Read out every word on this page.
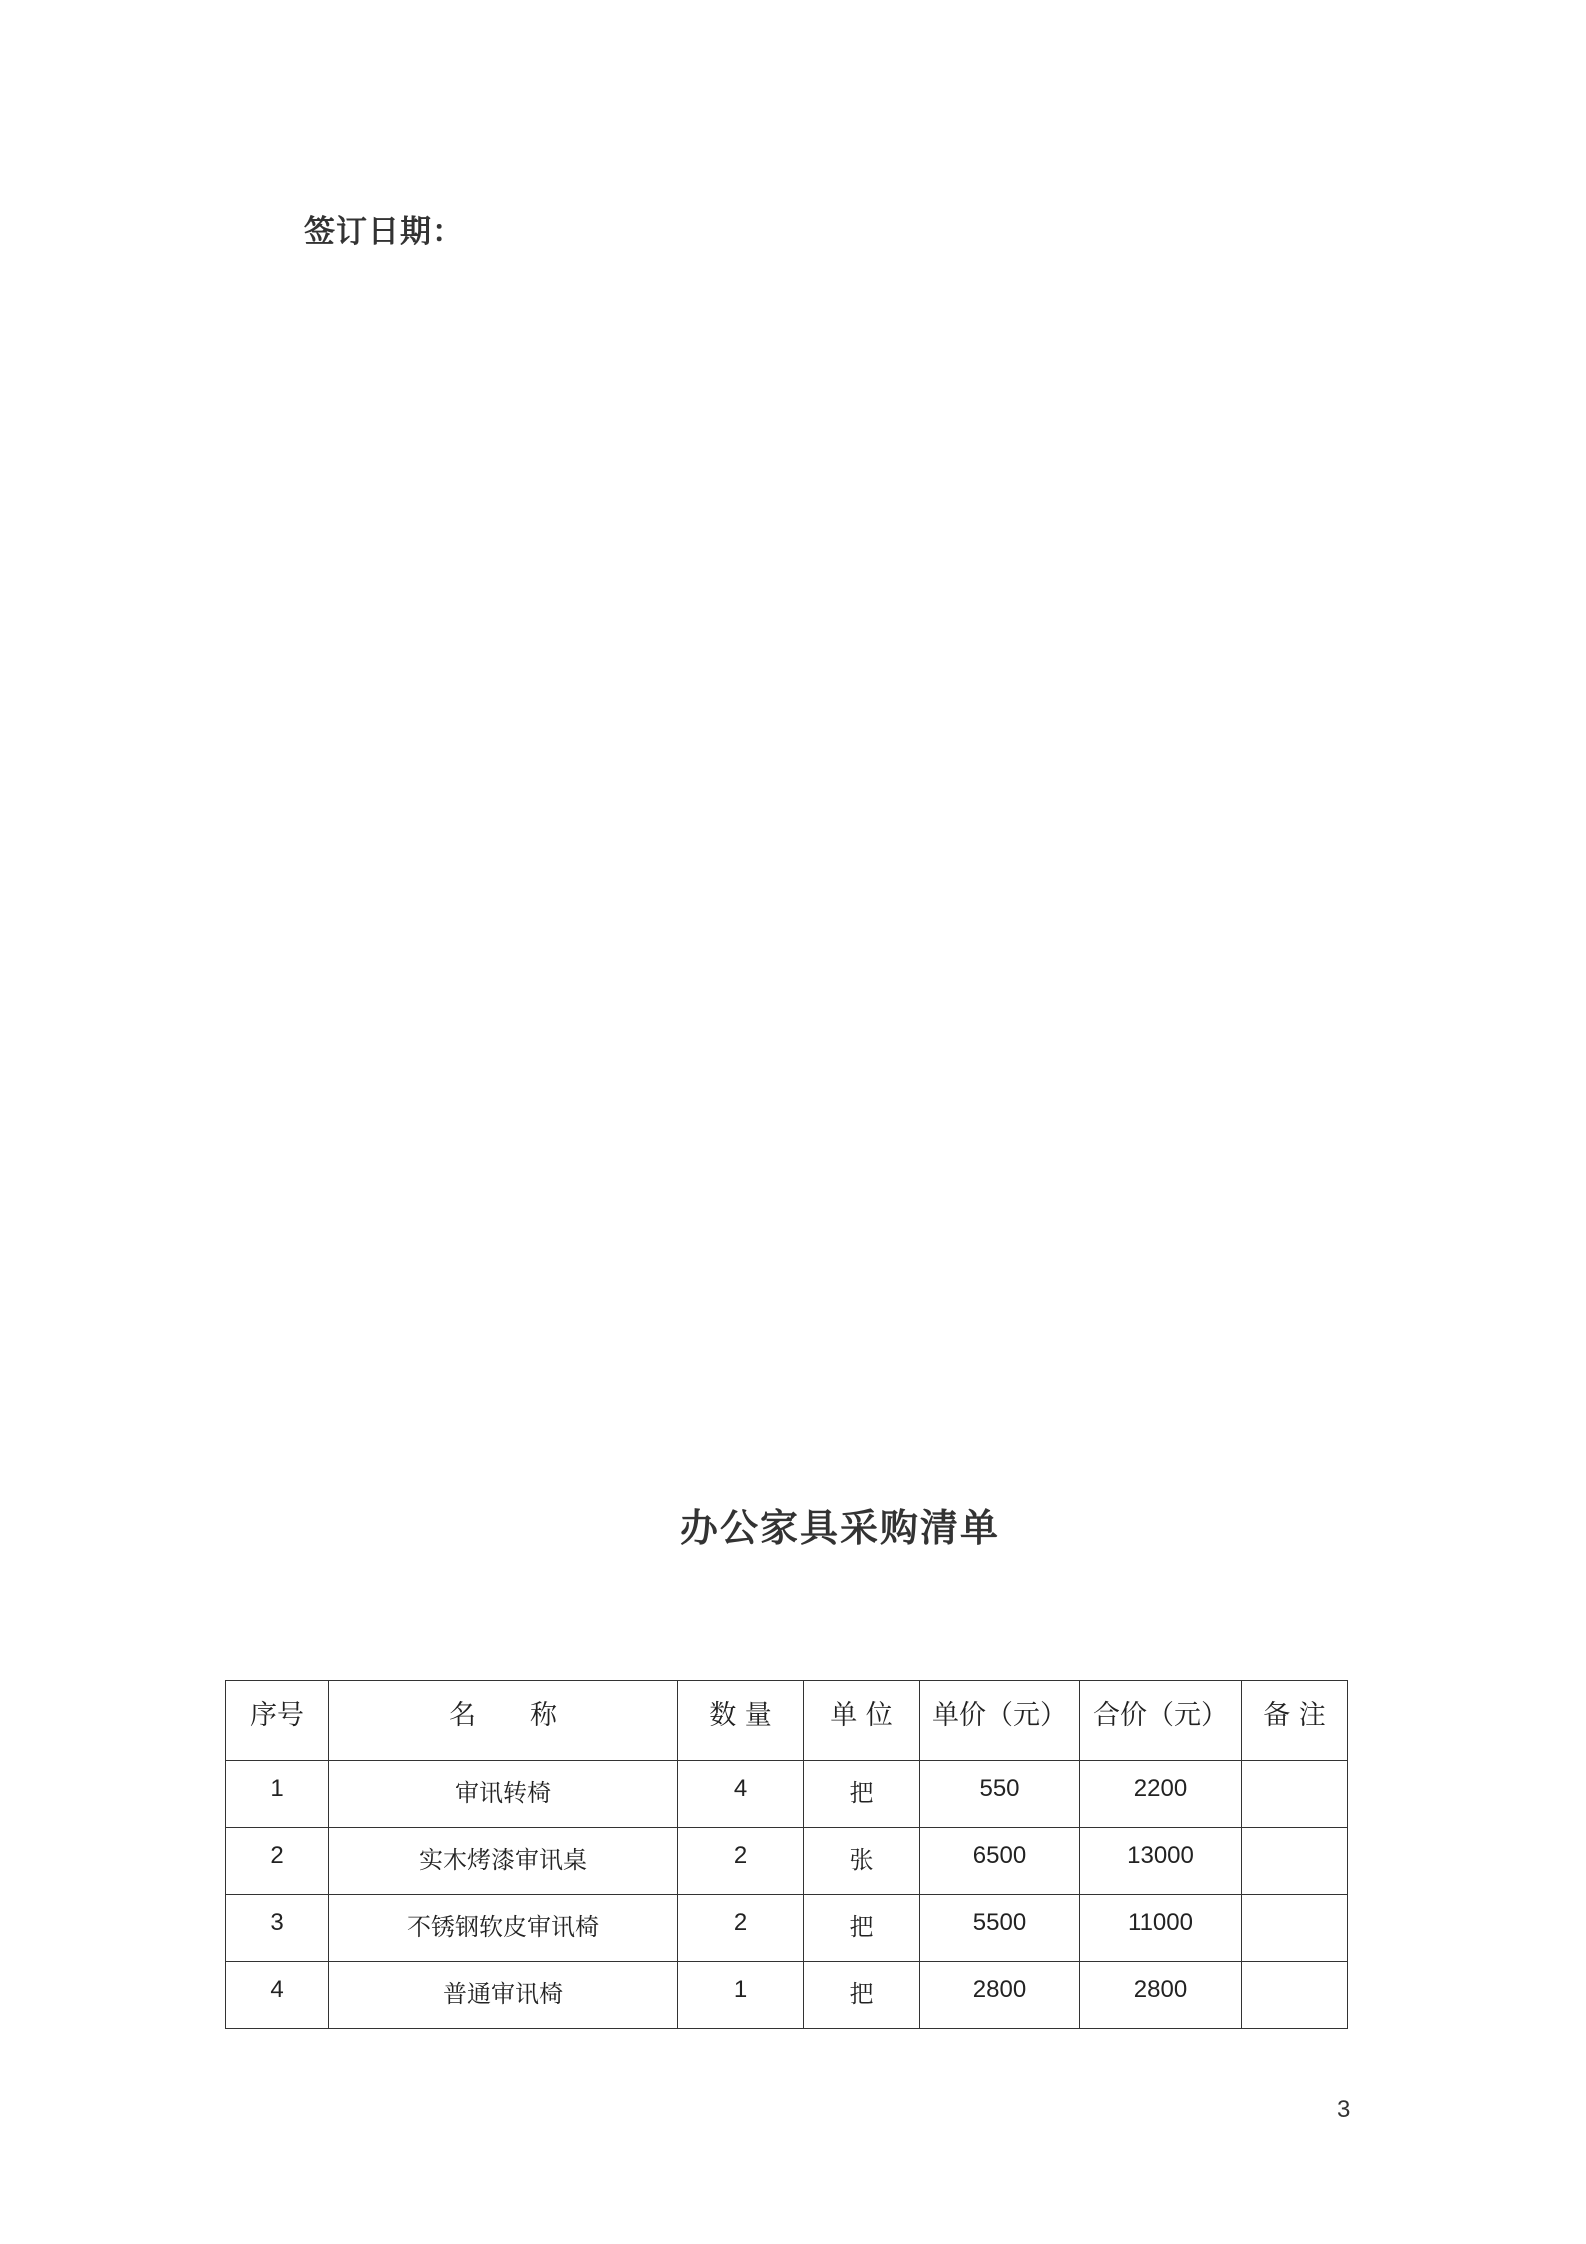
签订日期：
办公家具采购清单
序号	名　　称	数 量	单 位	单价（元）	合价（元）	备 注
1	审讯转椅	4	把	550	2200	
2	实木烤漆审讯桌	2	张	6500	13000	
3	不锈钢软皮审讯椅	2	把	5500	11000	
4	普通审讯椅	1	把	2800	2800	
3
